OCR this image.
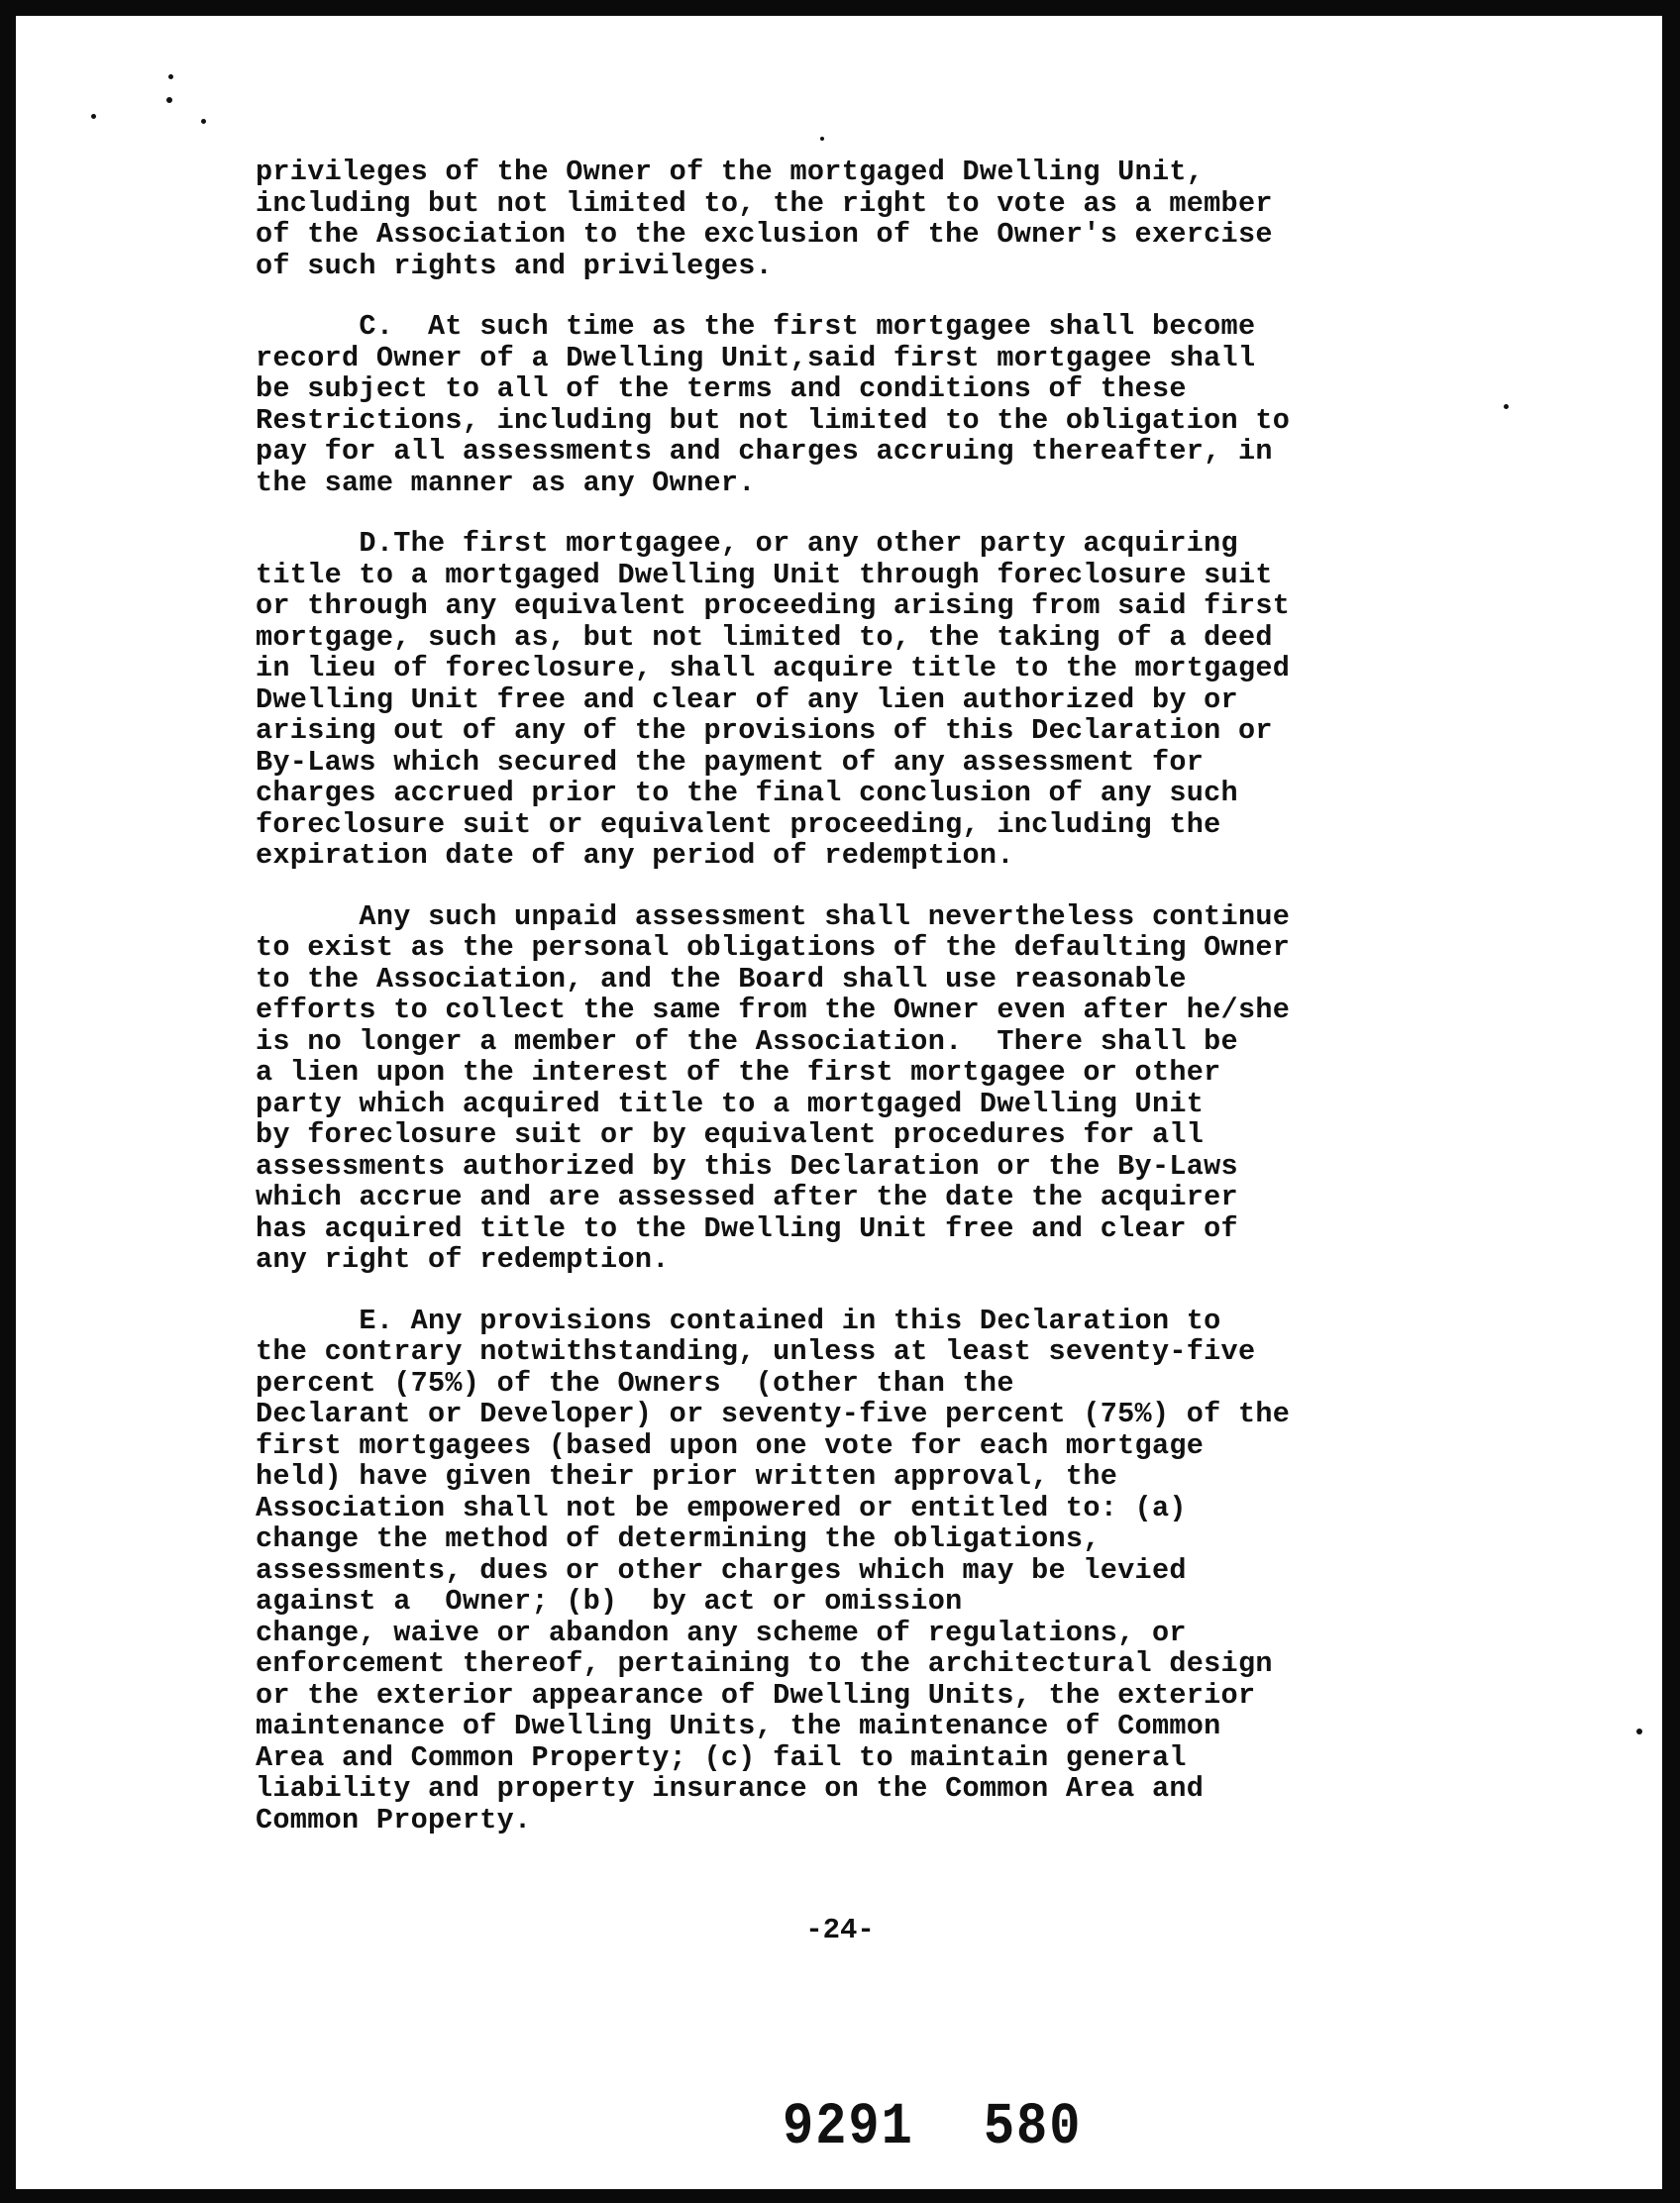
privileges of the Owner of the mortgaged Dwelling Unit,
including but not limited to, the right to vote as a member
of the Association to the exclusion of the Owner's exercise
of such rights and privileges.
C.  At such time as the first mortgagee shall become
record Owner of a Dwelling Unit,said first mortgagee shall
be subject to all of the terms and conditions of these
Restrictions, including but not limited to the obligation to
pay for all assessments and charges accruing thereafter, in
the same manner as any Owner.
D.The first mortgagee, or any other party acquiring
title to a mortgaged Dwelling Unit through foreclosure suit
or through any equivalent proceeding arising from said first
mortgage, such as, but not limited to, the taking of a deed
in lieu of foreclosure, shall acquire title to the mortgaged
Dwelling Unit free and clear of any lien authorized by or
arising out of any of the provisions of this Declaration or
By-Laws which secured the payment of any assessment for
charges accrued prior to the final conclusion of any such
foreclosure suit or equivalent proceeding, including the
expiration date of any period of redemption.
Any such unpaid assessment shall nevertheless continue
to exist as the personal obligations of the defaulting Owner
to the Association, and the Board shall use reasonable
efforts to collect the same from the Owner even after he/she
is no longer a member of the Association.  There shall be
a lien upon the interest of the first mortgagee or other
party which acquired title to a mortgaged Dwelling Unit
by foreclosure suit or by equivalent procedures for all
assessments authorized by this Declaration or the By-Laws
which accrue and are assessed after the date the acquirer
has acquired title to the Dwelling Unit free and clear of
any right of redemption.
E. Any provisions contained in this Declaration to
the contrary notwithstanding, unless at least seventy-five
percent (75%) of the Owners  (other than the
Declarant or Developer) or seventy-five percent (75%) of the
first mortgagees (based upon one vote for each mortgage
held) have given their prior written approval, the
Association shall not be empowered or entitled to: (a)
change the method of determining the obligations,
assessments, dues or other charges which may be levied
against a  Owner; (b)  by act or omission
change, waive or abandon any scheme of regulations, or
enforcement thereof, pertaining to the architectural design
or the exterior appearance of Dwelling Units, the exterior
maintenance of Dwelling Units, the maintenance of Common
Area and Common Property; (c) fail to maintain general
liability and property insurance on the Common Area and
Common Property.
-24-
9291 580
